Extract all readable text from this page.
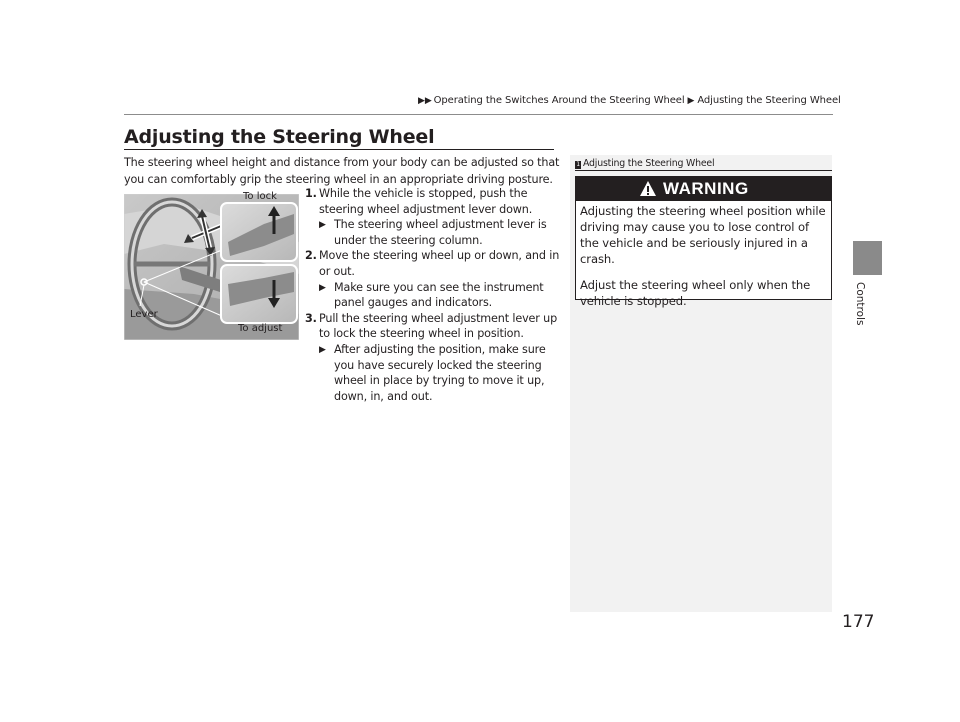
▶▶ Operating the Switches Around the Steering Wheel ▶ Adjusting the Steering Wheel
Controls
177
Adjusting the Steering Wheel
The steering wheel height and distance from your body can be adjusted so that you can comfortably grip the steering wheel in an appropriate driving posture.
To lock
Lever
To adjust
1. While the vehicle is stopped, push the steering wheel adjustment lever down.
▶ The steering wheel adjustment lever is under the steering column.
2. Move the steering wheel up or down, and in or out.
▶ Make sure you can see the instrument panel gauges and indicators.
3. Pull the steering wheel adjustment lever up to lock the steering wheel in position.
▶ After adjusting the position, make sure you have securely locked the steering wheel in place by trying to move it up, down, in, and out.
1 Adjusting the Steering Wheel
WARNING

Adjusting the steering wheel position while driving may cause you to lose control of the vehicle and be seriously injured in a crash.

Adjust the steering wheel only when the vehicle is stopped.
